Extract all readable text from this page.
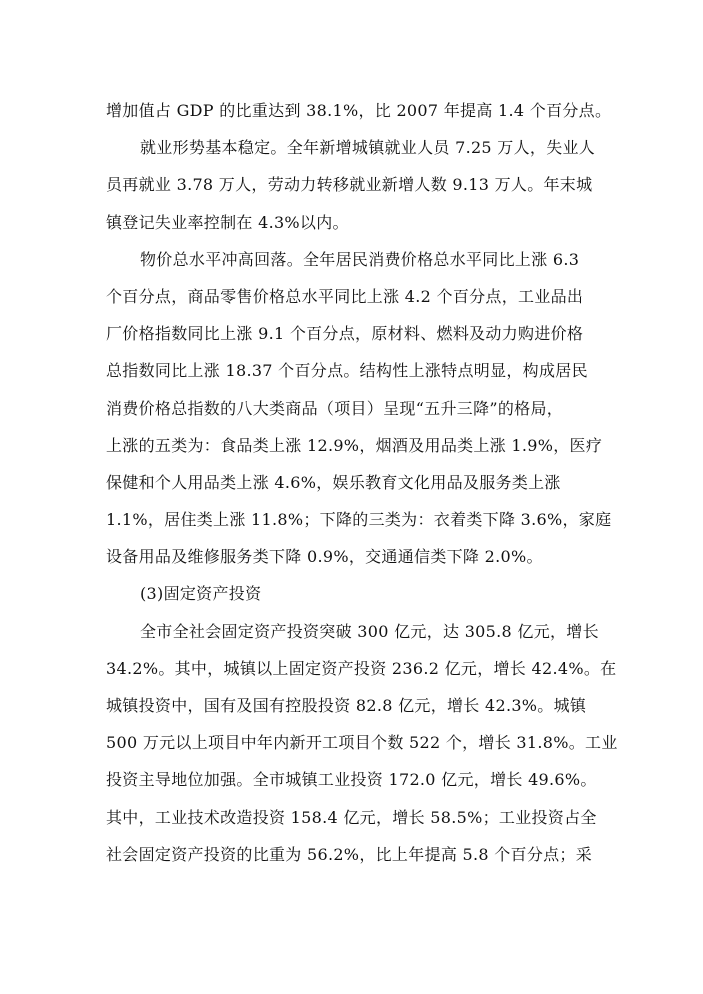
增加值占 GDP 的比重达到 38.1%，比 2007 年提高 1.4 个百分点。
就业形势基本稳定。全年新增城镇就业人员 7.25 万人，失业人
员再就业 3.78 万人，劳动力转移就业新增人数 9.13 万人。年末城
镇登记失业率控制在 4.3%以内。
物价总水平冲高回落。全年居民消费价格总水平同比上涨 6.3
个百分点，商品零售价格总水平同比上涨 4.2 个百分点，工业品出
厂价格指数同比上涨 9.1 个百分点，原材料、燃料及动力购进价格
总指数同比上涨 18.37 个百分点。结构性上涨特点明显，构成居民
消费价格总指数的八大类商品（项目）呈现“五升三降”的格局，
上涨的五类为：食品类上涨 12.9%，烟酒及用品类上涨 1.9%，医疗
保健和个人用品类上涨 4.6%，娱乐教育文化用品及服务类上涨
1.1%，居住类上涨 11.8%；下降的三类为：衣着类下降 3.6%，家庭
设备用品及维修服务类下降 0.9%，交通通信类下降 2.0%。
(3)固定资产投资
全市全社会固定资产投资突破 300 亿元，达 305.8 亿元，增长
34.2%。其中，城镇以上固定资产投资 236.2 亿元，增长 42.4%。在
城镇投资中，国有及国有控股投资 82.8 亿元，增长 42.3%。城镇
500 万元以上项目中年内新开工项目个数 522 个，增长 31.8%。工业
投资主导地位加强。全市城镇工业投资 172.0 亿元，增长 49.6%。
其中，工业技术改造投资 158.4 亿元，增长 58.5%；工业投资占全
社会固定资产投资的比重为 56.2%，比上年提高 5.8 个百分点；采
